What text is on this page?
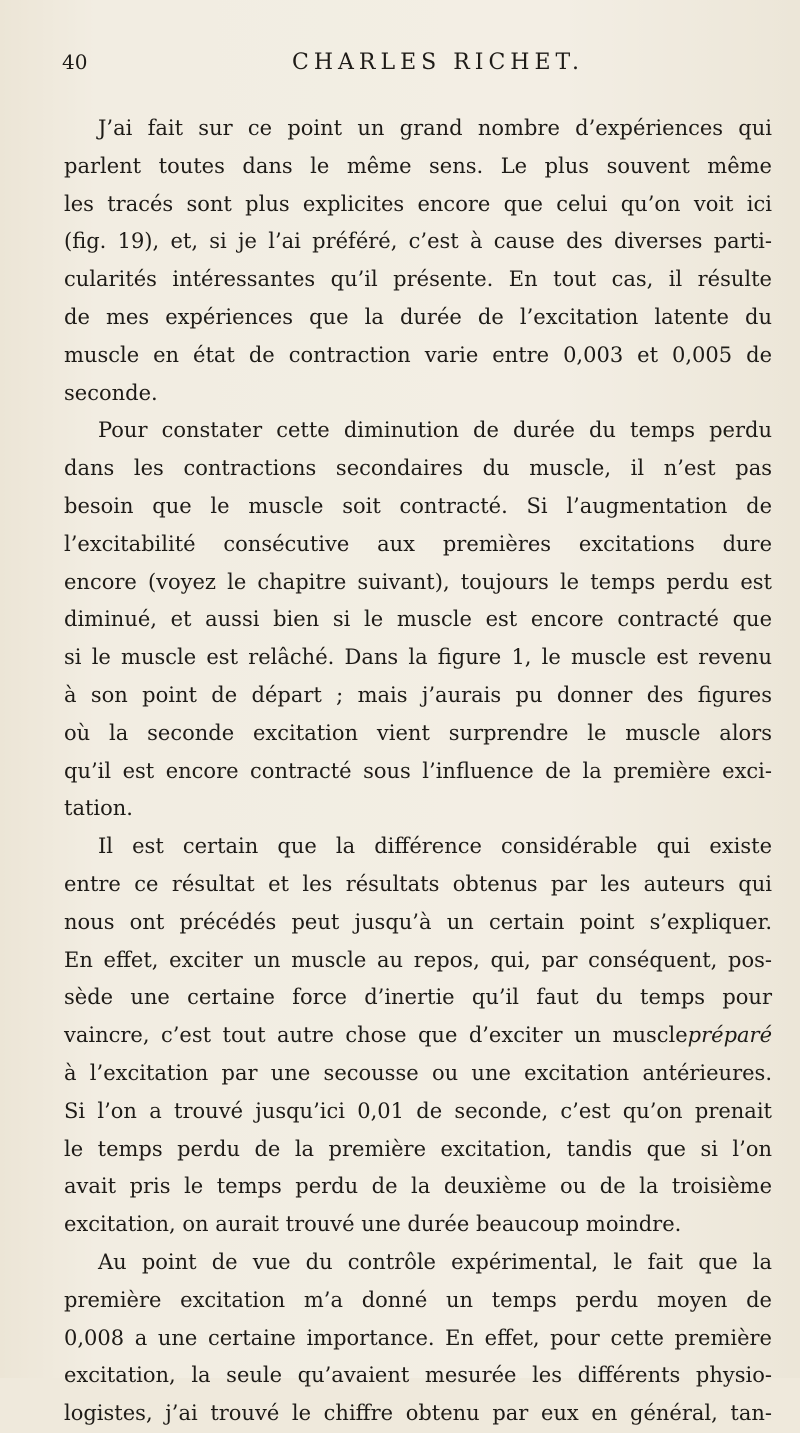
40	CHARLES RICHET.
J’ai fait sur ce point un grand nombre d’expériences qui
parlent toutes dans le même sens. Le plus souvent même
les tracés sont plus explicites encore que celui qu’on voit ici
(fig. 19), et, si je l’ai préféré, c’est à cause des diverses parti-
cularités intéressantes qu’il présente. En tout cas, il résulte
de mes expériences que la durée de l’excitation latente du
muscle en état de contraction varie entre 0,003 et 0,005 de
seconde.
Pour constater cette diminution de durée du temps perdu
dans les contractions secondaires du muscle, il n’est pas
besoin que le muscle soit contracté. Si l’augmentation de
l’excitabilité consécutive aux premières excitations dure
encore (voyez le chapitre suivant), toujours le temps perdu est
diminué, et aussi bien si le muscle est encore contracté que
si le muscle est relâché. Dans la figure 1, le muscle est revenu
à son point de départ ; mais j’aurais pu donner des figures
où la seconde excitation vient surprendre le muscle alors
qu’il est encore contracté sous l’influence de la première exci-
tation.
Il est certain que la différence considérable qui existe
entre ce résultat et les résultats obtenus par les auteurs qui
nous ont précédés peut jusqu’à un certain point s’expliquer.
En effet, exciter un muscle au repos, qui, par conséquent, pos-
sède une certaine force d’inertie qu’il faut du temps pour
vaincre, c’est tout autre chose que d’exciter un musclepréparé
à l’excitation par une secousse ou une excitation antérieures.
Si l’on a trouvé jusqu’ici 0,01 de seconde, c’est qu’on prenait
le temps perdu de la première excitation, tandis que si l’on
avait pris le temps perdu de la deuxième ou de la troisième
excitation, on aurait trouvé une durée beaucoup moindre.
Au point de vue du contrôle expérimental, le fait que la
première excitation m’a donné un temps perdu moyen de
0,008 a une certaine importance. En effet, pour cette première
excitation, la seule qu’avaient mesurée les différents physio-
logistes, j’ai trouvé le chiffre obtenu par eux en général, tan-
